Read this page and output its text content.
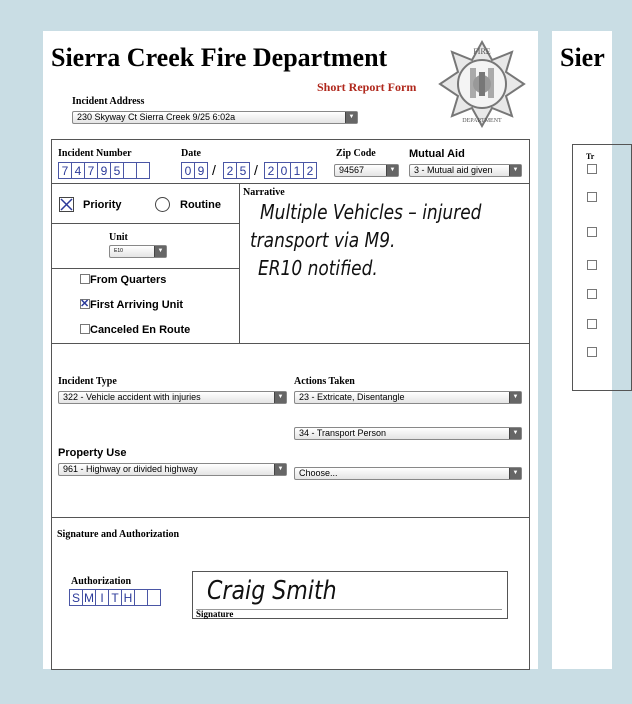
Sierra Creek Fire Department
Short Report Form
FIRE
DEPARTMENT
Incident Address
230 Skyway Ct Sierra Creek 9/25 6:02a	▼
Incident Number
7 4 7 9 5
Date
0 9 / 2 5 / 2 0 1 2
Zip Code
94567	▼
Mutual Aid
3 - Mutual aid given	▼
Priority	Routine
Unit
E10	▼
From Quarters
✕First Arriving Unit
Canceled En Route
Narrative
Multiple Vehicles – injured
transport via M9.
ER10 notified.
Incident Type
322 - Vehicle accident with injuries	▼
Actions Taken
23 - Extricate, Disentangle	▼
34 - Transport Person	▼
Choose...	▼
Property Use
961 - Highway or divided highway	▼
Signature and Authorization
Authorization
S M I T H
Signature
Craig Smith
Sier
Tr
